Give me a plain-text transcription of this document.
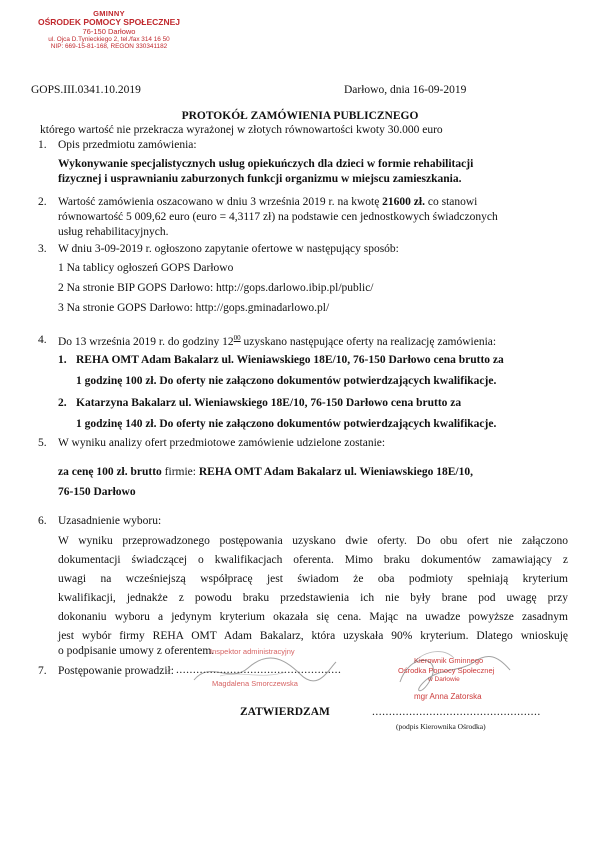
GMINNY
OŚRODEK POMOCY SPOŁECZNEJ
76-150 Darłowo
ul. Ojca D.Tynieckiego 2, tel./fax 314 16 50
NIP: 669-15-81-168, REGON 330341182
GOPS.III.0341.10.2019	Darłowo, dnia 16-09-2019
PROTOKÓŁ ZAMÓWIENIA PUBLICZNEGO
którego wartość nie przekracza wyrażonej w złotych równowartości kwoty 30.000 euro
1. Opis przedmiotu zamówienia:
Wykonywanie specjalistycznych usług opiekuńczych dla dzieci w formie rehabilitacji
fizycznej i usprawnianiu zaburzonych funkcji organizmu w miejscu zamieszkania.
2. Wartość zamówienia oszacowano w dniu 3 września 2019 r. na kwotę 21600 zł. co stanowi
równowartość 5 009,62 euro (euro = 4,3117 zł) na podstawie cen jednostkowych świadczonych
usług rehabilitacyjnych.
3. W dniu 3-09-2019 r. ogłoszono zapytanie ofertowe w następujący sposób:
1 Na tablicy ogłoszeń GOPS Darłowo
2 Na stronie BIP GOPS Darłowo: http://gops.darlowo.ibip.pl/public/
3 Na stronie GOPS Darłowo: http://gops.gminadarlowo.pl/
4. Do 13 września 2019 r. do godziny $12^{00}$ uzyskano następujące oferty na realizację zamówienia:
1. REHA OMT Adam Bakalarz ul. Wieniawskiego 18E/10, 76-150 Darłowo cena brutto za
1 godzinę 100 zł. Do oferty nie załączono dokumentów potwierdzających kwalifikacje.
2. Katarzyna Bakalarz ul. Wieniawskiego 18E/10, 76-150 Darłowo cena brutto za
1 godzinę 140 zł. Do oferty nie załączono dokumentów potwierdzających kwalifikacje.
5. W wyniku analizy ofert przedmiotowe zamówienie udzielone zostanie:
za cenę 100 zł. brutto firmie: REHA OMT Adam Bakalarz ul. Wieniawskiego 18E/10,
76-150 Darłowo
6. Uzasadnienie wyboru:
W wyniku przeprowadzonego postępowania uzyskano dwie oferty. Do obu ofert nie załączono
dokumentacji świadczącej o kwalifikacjach oferenta. Mimo braku dokumentów zamawiający z
uwagi na wcześniejszą współpracę jest świadom że oba podmioty spełniają kryterium
kwalifikacji, jednakże z powodu braku przedstawienia ich nie były brane pod uwagę przy
dokonaniu wyboru a jedynym kryterium okazała się cena. Mając na uwadze powyższe zasadnym
jest wybór firmy REHA OMT Adam Bakalarz, która uzyskała 90% kryterium. Dlatego wnioskuję
o podpisanie umowy z oferentem.
7. Postępowanie prowadził: .................................................
Inspektor administracyjny
Magdalena Smorczewska
Kierownik Gminnego
Ośrodka Pomocy Społecznej
w Darłowie
mgr Anna Zatorska
ZATWIERDZAM	..................................................
(podpis Kierownika Ośrodka)
